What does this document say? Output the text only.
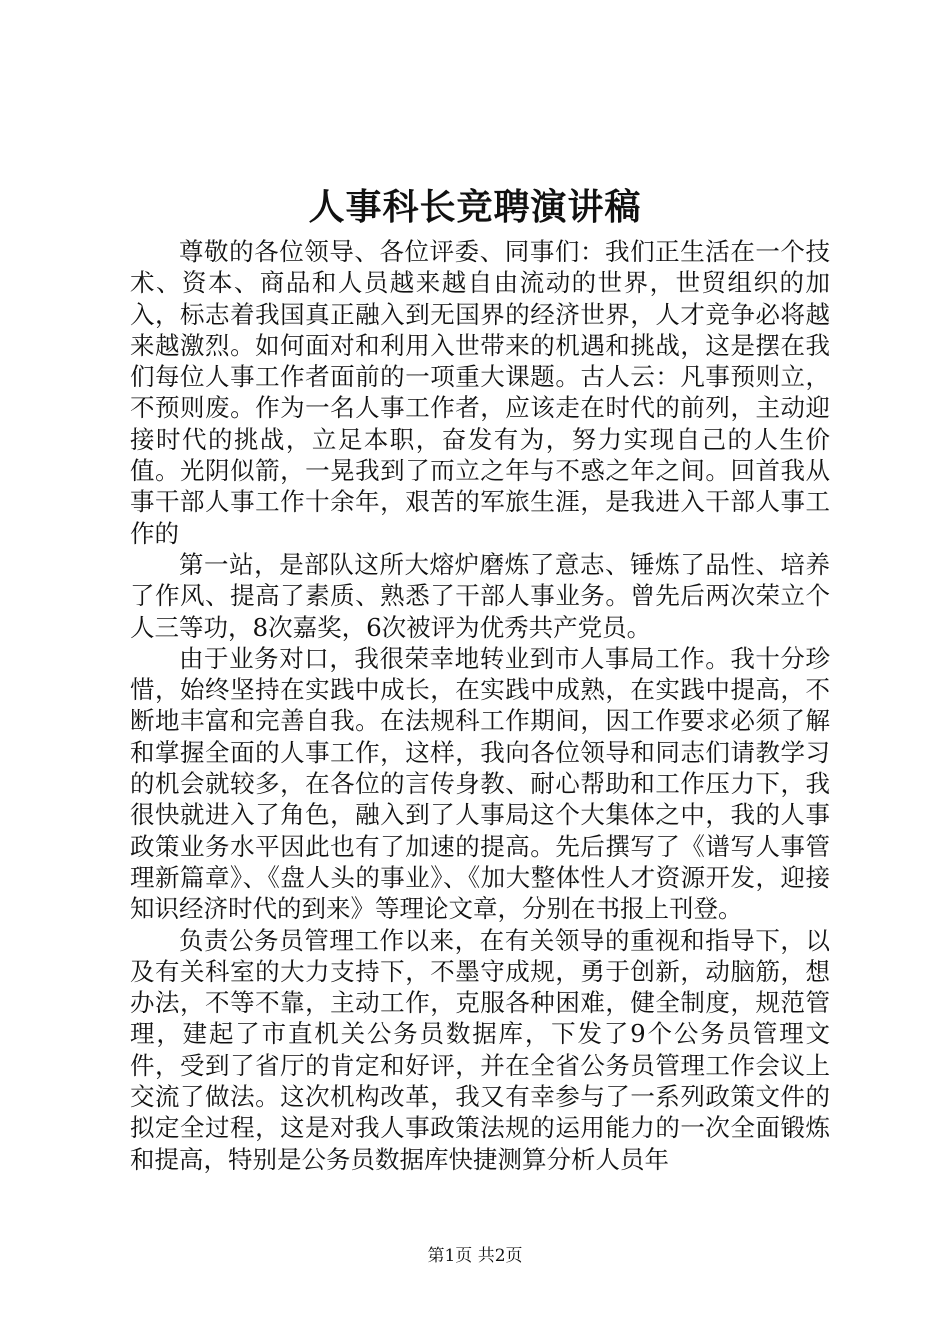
人事科长竞聘演讲稿

尊敬的各位领导、各位评委、同事们：我们正生活在一个技术、资本、商品和人员越来越自由流动的世界，世贸组织的加入，标志着我国真正融入到无国界的经济世界，人才竞争必将越来越激烈。如何面对和利用入世带来的机遇和挑战，这是摆在我们每位人事工作者面前的一项重大课题。古人云：凡事预则立，不预则废。作为一名人事工作者，应该走在时代的前列，主动迎接时代的挑战，立足本职，奋发有为，努力实现自己的人生价值。光阴似箭，一晃我到了而立之年与不惑之年之间。回首我从事干部人事工作十余年，艰苦的军旅生涯，是我进入干部人事工作的

第一站，是部队这所大熔炉磨炼了意志、锤炼了品性、培养了作风、提高了素质、熟悉了干部人事业务。曾先后两次荣立个人三等功，8次嘉奖，6次被评为优秀共产党员。

由于业务对口，我很荣幸地转业到市人事局工作。我十分珍惜，始终坚持在实践中成长，在实践中成熟，在实践中提高，不断地丰富和完善自我。在法规科工作期间，因工作要求必须了解和掌握全面的人事工作，这样，我向各位领导和同志们请教学习的机会就较多，在各位的言传身教、耐心帮助和工作压力下，我很快就进入了角色，融入到了人事局这个大集体之中，我的人事政策业务水平因此也有了加速的提高。先后撰写了《谱写人事管理新篇章》、《盘人头的事业》、《加大整体性人才资源开发，迎接知识经济时代的到来》等理论文章，分别在书报上刊登。

负责公务员管理工作以来，在有关领导的重视和指导下，以及有关科室的大力支持下，不墨守成规，勇于创新，动脑筋，想办法，不等不靠，主动工作，克服各种困难，健全制度，规范管理，建起了市直机关公务员数据库，下发了9个公务员管理文件，受到了省厅的肯定和好评，并在全省公务员管理工作会议上交流了做法。这次机构改革，我又有幸参与了一系列政策文件的拟定全过程，这是对我人事政策法规的运用能力的一次全面锻炼和提高，特别是公务员数据库快捷测算分析人员年

第1页 共2页
